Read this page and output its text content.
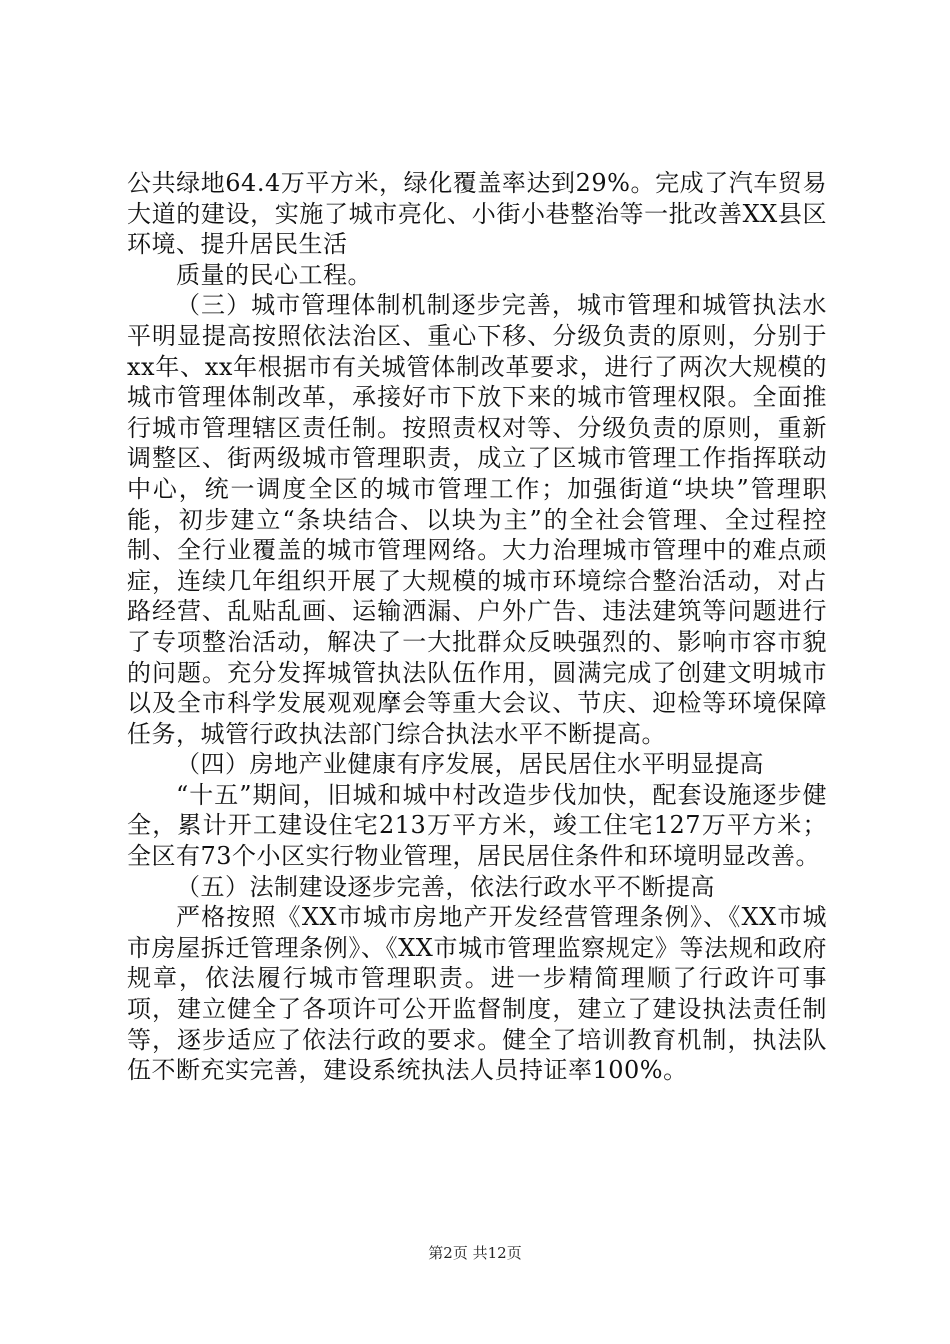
公共绿地64.4万平方米，绿化覆盖率达到29%。完成了汽车贸易大道的建设，实施了城市亮化、小街小巷整治等一批改善XX县区环境、提升居民生活

质量的民心工程。

（三）城市管理体制机制逐步完善，城市管理和城管执法水平明显提高按照依法治区、重心下移、分级负责的原则，分别于xx年、xx年根据市有关城管体制改革要求，进行了两次大规模的城市管理体制改革，承接好市下放下来的城市管理权限。全面推行城市管理辖区责任制。按照责权对等、分级负责的原则，重新调整区、街两级城市管理职责，成立了区城市管理工作指挥联动中心，统一调度全区的城市管理工作；加强街道“块块”管理职能，初步建立“条块结合、以块为主”的全社会管理、全过程控制、全行业覆盖的城市管理网络。大力治理城市管理中的难点顽症，连续几年组织开展了大规模的城市环境综合整治活动，对占路经营、乱贴乱画、运输洒漏、户外广告、违法建筑等问题进行了专项整治活动，解决了一大批群众反映强烈的、影响市容市貌的问题。充分发挥城管执法队伍作用，圆满完成了创建文明城市以及全市科学发展观观摩会等重大会议、节庆、迎检等环境保障任务，城管行政执法部门综合执法水平不断提高。

（四）房地产业健康有序发展，居民居住水平明显提高

“十五”期间，旧城和城中村改造步伐加快，配套设施逐步健全，累计开工建设住宅213万平方米，竣工住宅127万平方米；全区有73个小区实行物业管理，居民居住条件和环境明显改善。

（五）法制建设逐步完善，依法行政水平不断提高

严格按照《XX市城市房地产开发经营管理条例》、《XX市城市房屋拆迁管理条例》、《XX市城市管理监察规定》等法规和政府规章，依法履行城市管理职责。进一步精简理顺了行政许可事项，建立健全了各项许可公开监督制度，建立了建设执法责任制等，逐步适应了依法行政的要求。健全了培训教育机制，执法队伍不断充实完善，建设系统执法人员持证率100%。

第2页 共12页
